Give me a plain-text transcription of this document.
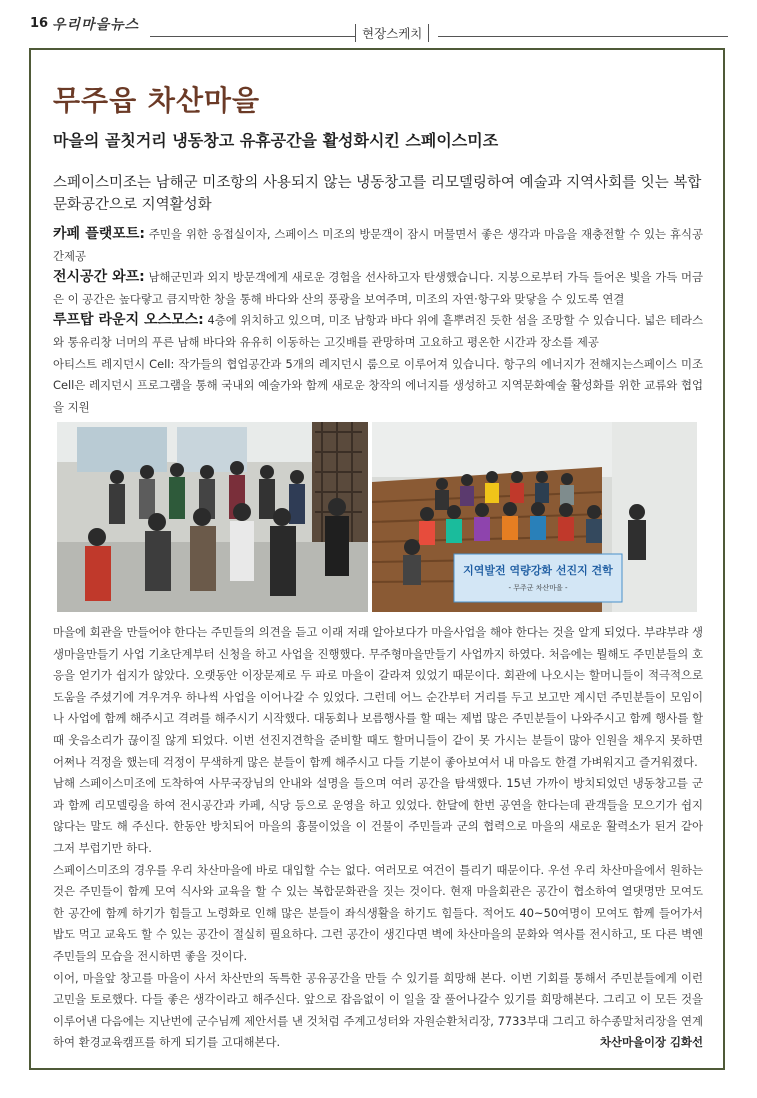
16 우리마을뉴스
현장스케치
무주읍 차산마을
마을의 골칫거리 냉동창고 유휴공간을 활성화시킨 스페이스미조
스페이스미조는 남해군 미조항의 사용되지 않는 냉동창고를 리모델링하여 예술과 지역사회를 잇는 복합문화공간으로 지역활성화
카페 플랫포트: 주민을 위한 응접실이자, 스페이스 미조의 방문객이 잠시 머물면서 좋은 생각과 마음을 재충전할 수 있는 휴식공간제공
전시공간 와프: 남해군민과 외지 방문객에게 새로운 경험을 선사하고자 탄생했습니다. 지붕으로부터 가득 들어온 빛을 가득 머금은 이 공간은 높다랗고 큼지막한 창을 통해 바다와 산의 풍광을 보여주며, 미조의 자연·항구와 맞닿을 수 있도록 연결
루프탑 라운지 오스모스: 4층에 위치하고 있으며, 미조 남항과 바다 위에 흩뿌려진 듯한 섬을 조망할 수 있습니다. 넓은 테라스와 통유리창 너머의 푸른 남해 바다와 유유히 이동하는 고깃배를 관망하며 고요하고 평온한 시간과 장소를 제공
아티스트 레지던시 Cell: 작가들의 협업공간과 5개의 레지던시 룸으로 이루어져 있습니다. 항구의 에너지가 전해지는스페이스 미조 Cell은 레지던시 프로그램을 통해 국내외 예술가와 함께 새로운 창작의 에너지를 생성하고 지역문화예술 활성화를 위한 교류와 협업을 지원
지역발전 역량강화 선진지 견학
- 무주군 차산마을 -
마을에 회관을 만들어야 한다는 주민들의 의견을 듣고 이래 저래 알아보다가 마을사업을 해야 한다는 것을 알게 되었다. 부랴부랴 생생마을만들기 사업 기초단계부터 신청을 하고 사업을 진행했다. 무주형마을만들기 사업까지 하였다. 처음에는 뭘해도 주민분들의 호응을 얻기가 쉽지가 않았다. 오랫동안 이장문제로 두 파로 마을이 갈라져 있었기 때문이다. 회관에 나오시는 할머니들이 적극적으로 도움을 주셨기에 겨우겨우 하나씩 사업을 이어나갈 수 있었다. 그런데 어느 순간부터 거리를 두고 보고만 계시던 주민분들이 모임이나 사업에 함께 해주시고 격려를 해주시기 시작했다. 대동회나 보름행사를 할 때는 제법 많은 주민분들이 나와주시고 함께 행사를 할 때 웃음소리가 끊이질 않게 되었다. 이번 선진지견학을 준비할 때도 할머니들이 같이 못 가시는 분들이 많아 인원을 채우지 못하면 어쩌나 걱정을 했는데 걱정이 무색하게 많은 분들이 함께 해주시고 다들 기분이 좋아보여서 내 마음도 한결 가벼워지고 즐거워졌다.
남해 스페이스미조에 도착하여 사무국장님의 안내와 설명을 들으며 여러 공간을 탐색했다. 15년 가까이 방치되었던 냉동창고를 군과 함께 리모델링을 하여 전시공간과 카페, 식당 등으로 운영을 하고 있었다. 한달에 한번 공연을 한다는데 관객들을 모으기가 쉽지 않다는 말도 해 주신다. 한동안 방치되어 마을의 흉물이었을 이 건물이 주민들과 군의 협력으로 마을의 새로운 활력소가 된거 같아 그저 부럽기만 하다.
스페이스미조의 경우를 우리 차산마을에 바로 대입할 수는 없다. 여러모로 여건이 틀리기 때문이다. 우선 우리 차산마을에서 원하는 것은 주민들이 함께 모여 식사와 교육을 할 수 있는 복합문화관을 짓는 것이다. 현재 마을회관은 공간이 협소하여 열댓명만 모여도 한 공간에 함께 하기가 힘들고 노령화로 인해 많은 분들이 좌식생활을 하기도 힘들다. 적어도 40~50여명이 모여도 함께 들어가서 밥도 먹고 교육도 할 수 있는 공간이 절실히 필요하다. 그런 공간이 생긴다면 벽에 차산마을의 문화와 역사를 전시하고, 또 다른 벽엔 주민들의 모습을 전시하면 좋을 것이다.
이어, 마을앞 창고를 마을이 사서 차산만의 독특한 공유공간을 만들 수 있기를 희망해 본다. 이번 기회를 통해서 주민분들에게 이런 고민을 토로했다. 다들 좋은 생각이라고 해주신다. 앞으로 잡음없이 이 일을 잘 풀어나갈수 있기를 희망해본다. 그리고 이 모든 것을 이루어낸 다음에는 지난번에 군수님께 제안서를 낸 것처럼 주계고성터와 자원순환처리장, 7733부대 그리고 하수종말처리장을 연계하여 환경교육캠프를 하게 되기를 고대해본다.	차산마을이장 김화선
